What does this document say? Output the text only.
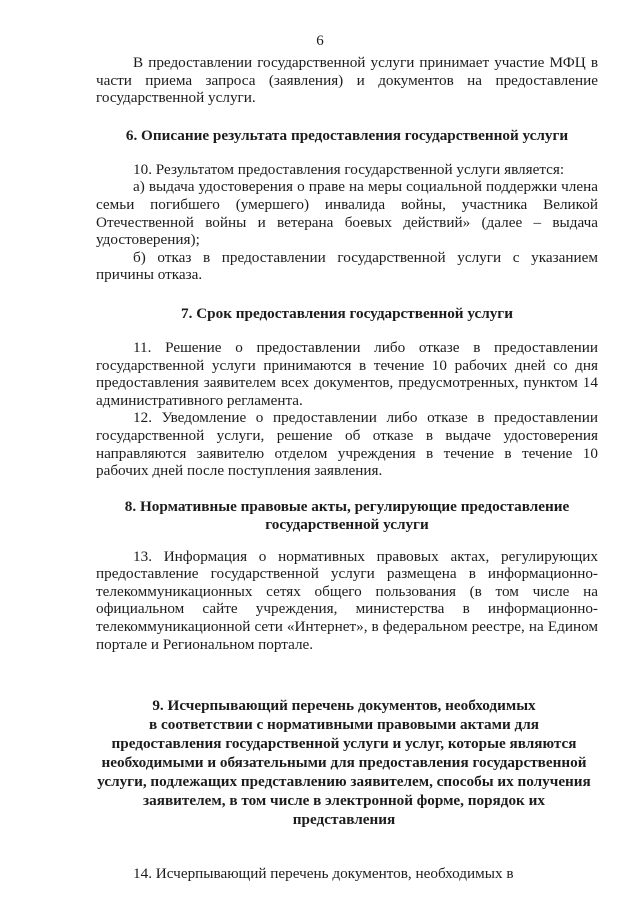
6

В предоставлении государственной услуги принимает участие МФЦ в части приема запроса (заявления) и документов на предоставление государственной услуги.

6. Описание результата предоставления государственной услуги

10. Результатом предоставления государственной услуги является:

а) выдача удостоверения о праве на меры социальной поддержки члена семьи погибшего (умершего) инвалида войны, участника Великой Отечественной войны и ветерана боевых действий» (далее – выдача удостоверения);

б) отказ в предоставлении государственной услуги с указанием причины отказа.

7. Срок предоставления государственной услуги

11. Решение о предоставлении либо отказе в предоставлении государственной услуги принимаются в течение 10 рабочих дней со дня предоставления заявителем всех документов, предусмотренных, пунктом 14 административного регламента.

12. Уведомление о предоставлении либо отказе в предоставлении государственной услуги, решение об отказе в выдаче удостоверения направляются заявителю отделом учреждения в течение в течение 10 рабочих дней после поступления заявления.

8. Нормативные правовые акты, регулирующие предоставление
государственной услуги

13. Информация о нормативных правовых актах, регулирующих предоставление государственной услуги размещена в информационно-телекоммуникационных сетях общего пользования (в том числе на официальном сайте учреждения, министерства в информационно-телекоммуникационной сети «Интернет», в федеральном реестре, на Едином портале и Региональном портале.

9. Исчерпывающий перечень документов, необходимых
в соответствии с нормативными правовыми актами для
предоставления государственной услуги и услуг, которые являются
необходимыми и обязательными для предоставления государственной
услуги, подлежащих представлению заявителем, способы их получения
заявителем, в том числе в электронной форме, порядок их
представления

14. Исчерпывающий перечень документов, необходимых в
